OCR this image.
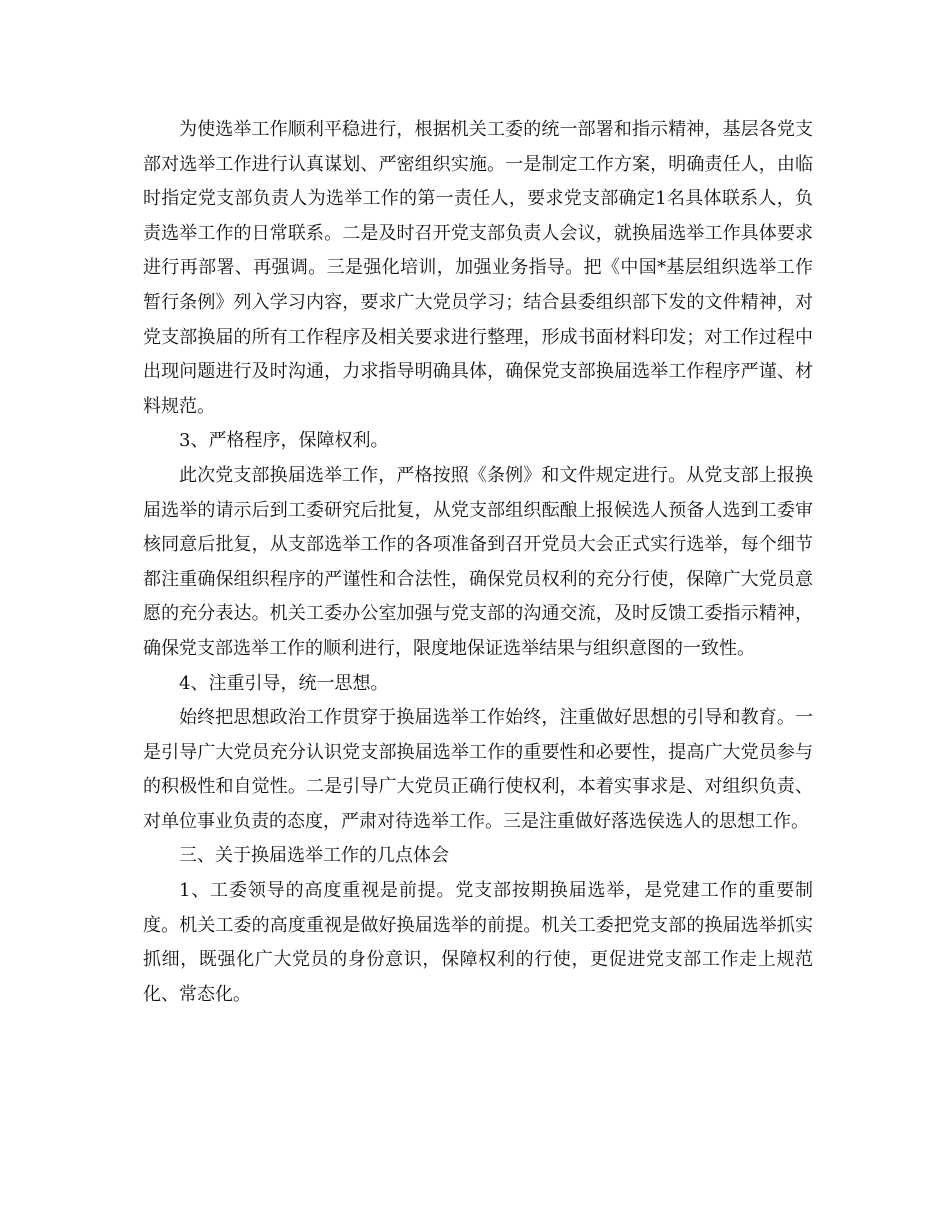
为使选举工作顺利平稳进行，根据机关工委的统一部署和指示精神，基层各党支部对选举工作进行认真谋划、严密组织实施。一是制定工作方案，明确责任人，由临时指定党支部负责人为选举工作的第一责任人，要求党支部确定1名具体联系人，负责选举工作的日常联系。二是及时召开党支部负责人会议，就换届选举工作具体要求进行再部署、再强调。三是强化培训，加强业务指导。把《中国*基层组织选举工作暂行条例》列入学习内容，要求广大党员学习；结合县委组织部下发的文件精神，对党支部换届的所有工作程序及相关要求进行整理，形成书面材料印发；对工作过程中出现问题进行及时沟通，力求指导明确具体，确保党支部换届选举工作程序严谨、材料规范。

3、严格程序，保障权利。

此次党支部换届选举工作，严格按照《条例》和文件规定进行。从党支部上报换届选举的请示后到工委研究后批复，从党支部组织酝酿上报候选人预备人选到工委审核同意后批复，从支部选举工作的各项准备到召开党员大会正式实行选举，每个细节都注重确保组织程序的严谨性和合法性，确保党员权利的充分行使，保障广大党员意愿的充分表达。机关工委办公室加强与党支部的沟通交流，及时反馈工委指示精神，确保党支部选举工作的顺利进行，限度地保证选举结果与组织意图的一致性。

4、注重引导，统一思想。

始终把思想政治工作贯穿于换届选举工作始终，注重做好思想的引导和教育。一是引导广大党员充分认识党支部换届选举工作的重要性和必要性，提高广大党员参与的积极性和自觉性。二是引导广大党员正确行使权利，本着实事求是、对组织负责、对单位事业负责的态度，严肃对待选举工作。三是注重做好落选侯选人的思想工作。

三、关于换届选举工作的几点体会

1、工委领导的高度重视是前提。党支部按期换届选举，是党建工作的重要制度。机关工委的高度重视是做好换届选举的前提。机关工委把党支部的换届选举抓实抓细，既强化广大党员的身份意识，保障权利的行使，更促进党支部工作走上规范化、常态化。
